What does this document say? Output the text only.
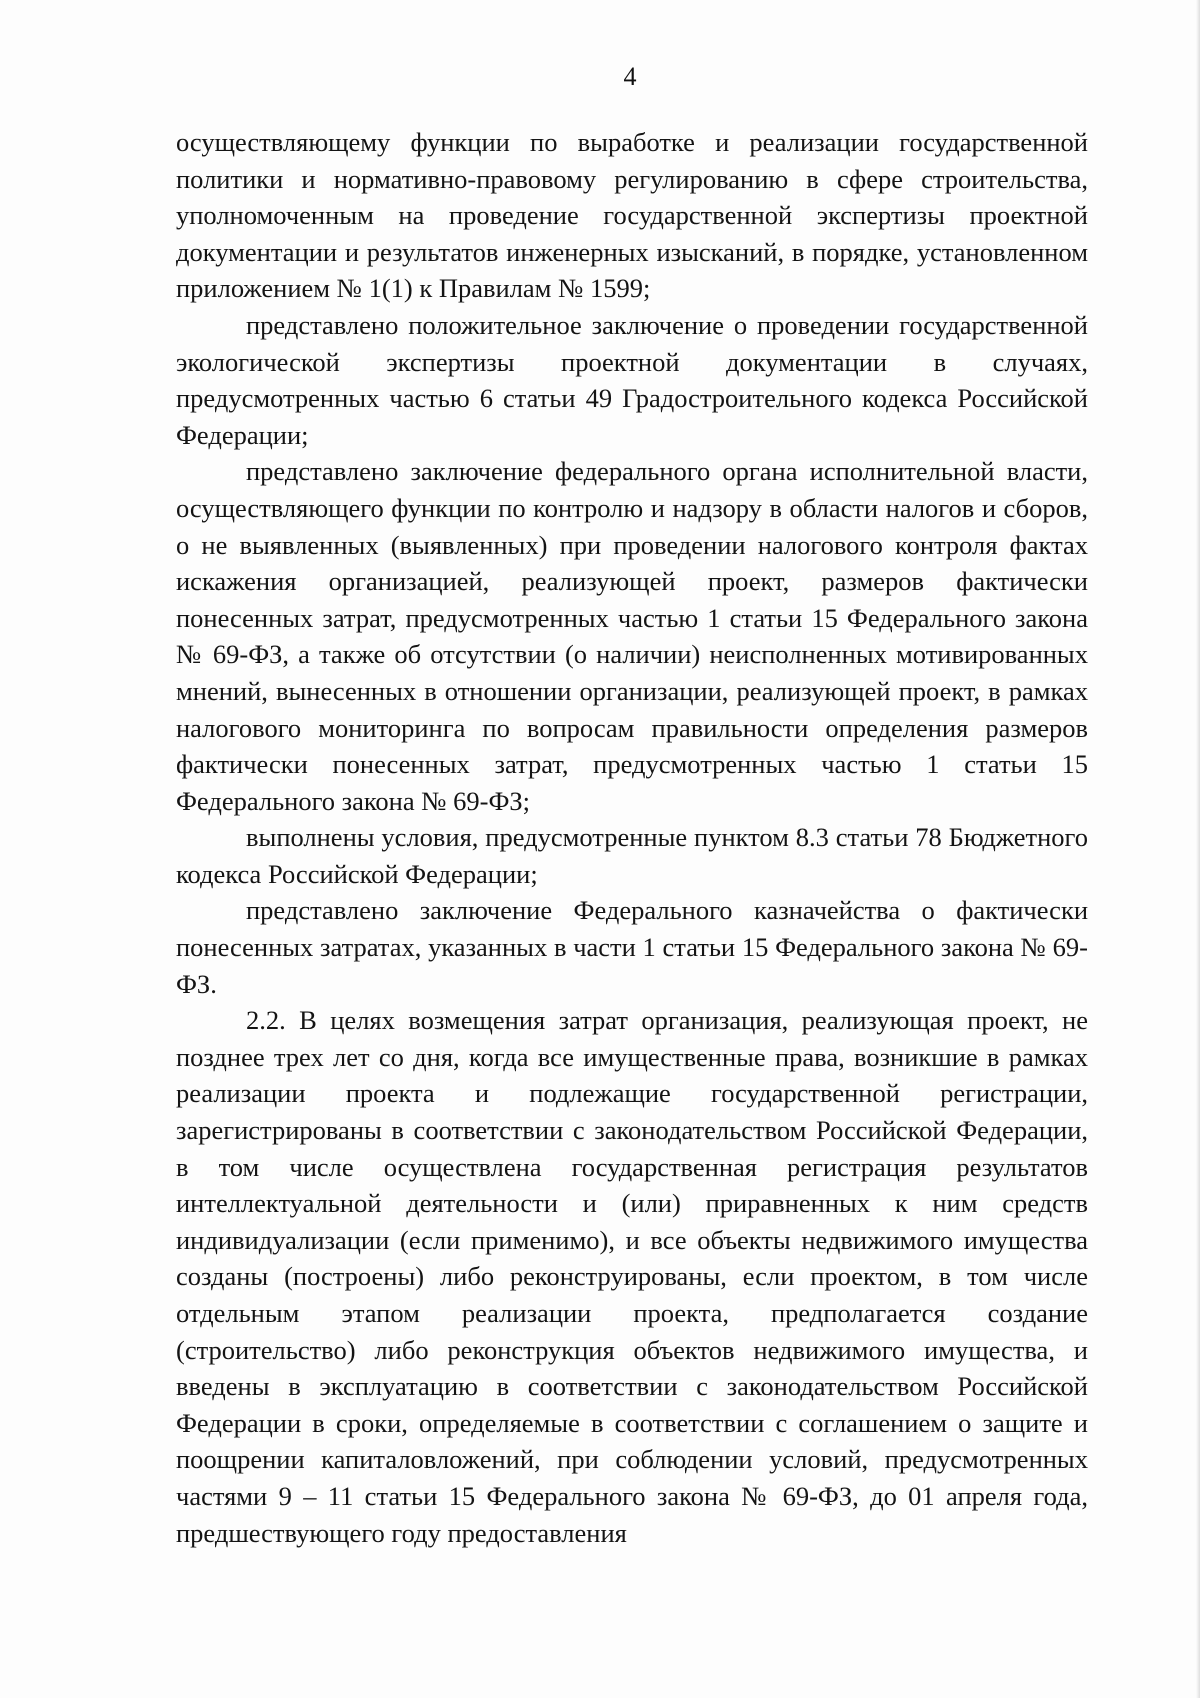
4

осуществляющему функции по выработке и реализации государственной политики и нормативно-правовому регулированию в сфере строительства, уполномоченным на проведение государственной экспертизы проектной документации и результатов инженерных изысканий, в порядке, установленном приложением № 1(1) к Правилам № 1599;

представлено положительное заключение о проведении государственной экологической экспертизы проектной документации в случаях, предусмотренных частью 6 статьи 49 Градостроительного кодекса Российской Федерации;

представлено заключение федерального органа исполнительной власти, осуществляющего функции по контролю и надзору в области налогов и сборов, о не выявленных (выявленных) при проведении налогового контроля фактах искажения организацией, реализующей проект, размеров фактически понесенных затрат, предусмотренных частью 1 статьи 15 Федерального закона № 69-ФЗ, а также об отсутствии (о наличии) неисполненных мотивированных мнений, вынесенных в отношении организации, реализующей проект, в рамках налогового мониторинга по вопросам правильности определения размеров фактически понесенных затрат, предусмотренных частью 1 статьи 15 Федерального закона № 69-ФЗ;

выполнены условия, предусмотренные пунктом 8.3 статьи 78 Бюджетного кодекса Российской Федерации;

представлено заключение Федерального казначейства о фактически понесенных затратах, указанных в части 1 статьи 15 Федерального закона № 69-ФЗ.

2.2. В целях возмещения затрат организация, реализующая проект, не позднее трех лет со дня, когда все имущественные права, возникшие в рамках реализации проекта и подлежащие государственной регистрации, зарегистрированы в соответствии с законодательством Российской Федерации, в том числе осуществлена государственная регистрация результатов интеллектуальной деятельности и (или) приравненных к ним средств индивидуализации (если применимо), и все объекты недвижимого имущества созданы (построены) либо реконструированы, если проектом, в том числе отдельным этапом реализации проекта, предполагается создание (строительство) либо реконструкция объектов недвижимого имущества, и введены в эксплуатацию в соответствии с законодательством Российской Федерации в сроки, определяемые в соответствии с соглашением о защите и поощрении капиталовложений, при соблюдении условий, предусмотренных частями 9 – 11 статьи 15 Федерального закона № 69-ФЗ, до 01 апреля года, предшествующего году предоставления
